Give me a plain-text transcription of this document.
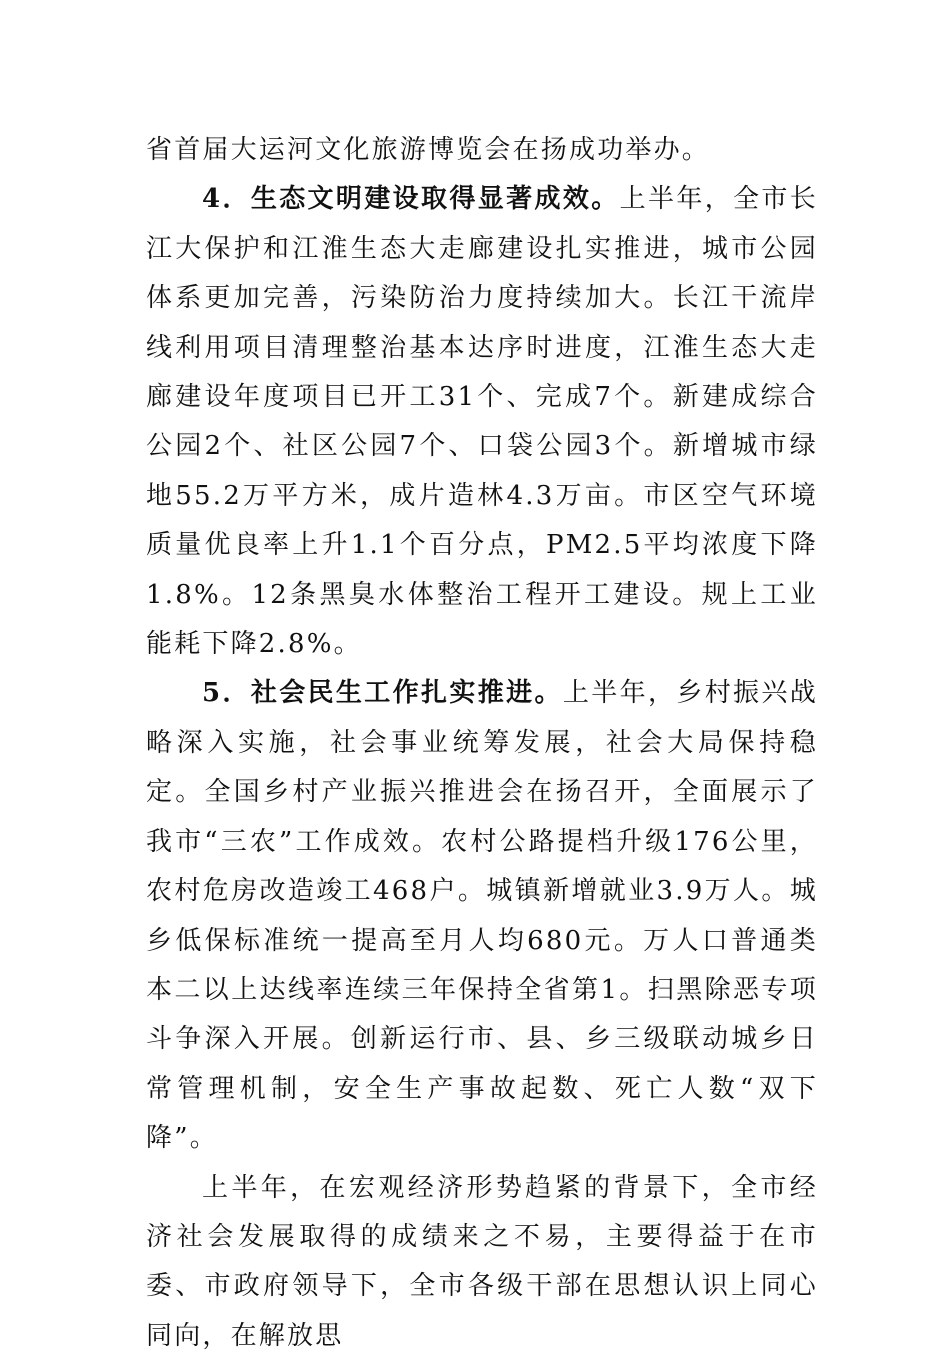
省首届大运河文化旅游博览会在扬成功举办。

4．生态文明建设取得显著成效。上半年，全市长江大保护和江淮生态大走廊建设扎实推进，城市公园体系更加完善，污染防治力度持续加大。长江干流岸线利用项目清理整治基本达序时进度，江淮生态大走廊建设年度项目已开工31个、完成7个。新建成综合公园2个、社区公园7个、口袋公园3个。新增城市绿地55.2万平方米，成片造林4.3万亩。市区空气环境质量优良率上升1.1个百分点，PM2.5平均浓度下降1.8%。12条黑臭水体整治工程开工建设。规上工业能耗下降2.8%。

5．社会民生工作扎实推进。上半年，乡村振兴战略深入实施，社会事业统筹发展，社会大局保持稳定。全国乡村产业振兴推进会在扬召开，全面展示了我市“三农”工作成效。农村公路提档升级176公里，农村危房改造竣工468户。城镇新增就业3.9万人。城乡低保标准统一提高至月人均680元。万人口普通类本二以上达线率连续三年保持全省第1。扫黑除恶专项斗争深入开展。创新运行市、县、乡三级联动城乡日常管理机制，安全生产事故起数、死亡人数“双下降”。

上半年，在宏观经济形势趋紧的背景下，全市经济社会发展取得的成绩来之不易，主要得益于在市委、市政府领导下，全市各级干部在思想认识上同心同向，在解放思
